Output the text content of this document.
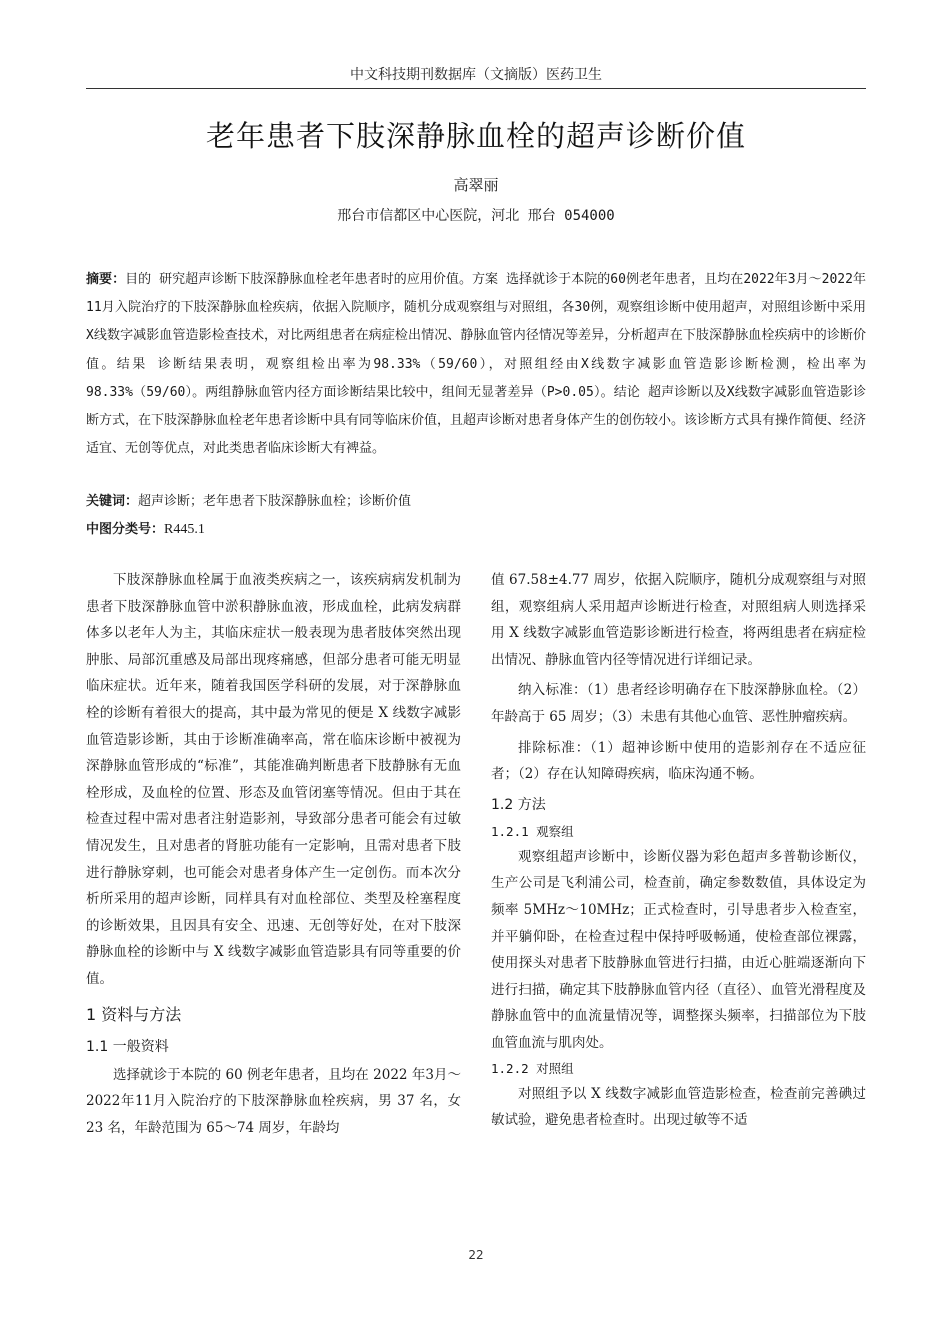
中文科技期刊数据库（文摘版）医药卫生
老年患者下肢深静脉血栓的超声诊断价值
高翠丽
邢台市信都区中心医院，河北 邢台 054000
摘要：目的 研究超声诊断下肢深静脉血栓老年患者时的应用价值。方案 选择就诊于本院的60例老年患者，且均在2022年3月～2022年11月入院治疗的下肢深静脉血栓疾病，依据入院顺序，随机分成观察组与对照组，各30例，观察组诊断中使用超声，对照组诊断中采用X线数字减影血管造影检查技术，对比两组患者在病症检出情况、静脉血管内径情况等差异，分析超声在下肢深静脉血栓疾病中的诊断价值。结果 诊断结果表明，观察组检出率为98.33%（59/60），对照组经由X线数字减影血管造影诊断检测，检出率为98.33%（59/60）。两组静脉血管内径方面诊断结果比较中，组间无显著差异（P>0.05）。结论 超声诊断以及X线数字减影血管造影诊断方式，在下肢深静脉血栓老年患者诊断中具有同等临床价值，且超声诊断对患者身体产生的创伤较小。该诊断方式具有操作简便、经济适宜、无创等优点，对此类患者临床诊断大有裨益。
关键词：超声诊断；老年患者下肢深静脉血栓；诊断价值
中图分类号：R445.1

下肢深静脉血栓属于血液类疾病之一，该疾病病发机制为患者下肢深静脉血管中淤积静脉血液，形成血栓，此病发病群体多以老年人为主，其临床症状一般表现为患者肢体突然出现肿胀、局部沉重感及局部出现疼痛感，但部分患者可能无明显临床症状。近年来，随着我国医学科研的发展，对于深静脉血栓的诊断有着很大的提高，其中最为常见的便是 X 线数字减影血管造影诊断，其由于诊断准确率高，常在临床诊断中被视为深静脉血管形成的“标准”，其能准确判断患者下肢静脉有无血栓形成，及血栓的位置、形态及血管闭塞等情况。但由于其在检查过程中需对患者注射造影剂，导致部分患者可能会有过敏情况发生，且对患者的肾脏功能有一定影响，且需对患者下肢进行静脉穿刺，也可能会对患者身体产生一定创伤。而本次分析所采用的超声诊断，同样具有对血栓部位、类型及栓塞程度的诊断效果，且因具有安全、迅速、无创等好处，在对下肢深静脉血栓的诊断中与 X 线数字减影血管造影具有同等重要的价值。

1 资料与方法
1.1 一般资料

选择就诊于本院的 60 例老年患者，且均在 2022 年3月～2022年11月入院治疗的下肢深静脉血栓疾病，男 37 名，女 23 名，年龄范围为 65～74 周岁，年龄均

值 67.58±4.77 周岁，依据入院顺序，随机分成观察组与对照组，观察组病人采用超声诊断进行检查，对照组病人则选择采用 X 线数字减影血管造影诊断进行检查，将两组患者在病症检出情况、静脉血管内径等情况进行详细记录。

纳入标准：（1）患者经诊明确存在下肢深静脉血栓。（2）年龄高于 65 周岁；（3）未患有其他心血管、恶性肿瘤疾病。

排除标准：（1）超神诊断中使用的造影剂存在不适应征者；（2）存在认知障碍疾病，临床沟通不畅。

1.2 方法
1.2.1 观察组

观察组超声诊断中，诊断仪器为彩色超声多普勒诊断仪，生产公司是飞利浦公司，检查前，确定参数数值，具体设定为频率 5MHz～10MHz；正式检查时，引导患者步入检查室，并平躺仰卧，在检查过程中保持呼吸畅通，使检查部位裸露，使用探头对患者下肢静脉血管进行扫描，由近心脏端逐渐向下进行扫描，确定其下肢静脉血管内径（直径）、血管光滑程度及静脉血管中的血流量情况等，调整探头频率，扫描部位为下肢血管血流与肌肉处。

1.2.2 对照组

对照组予以 X 线数字减影血管造影检查，检查前完善碘过敏试验，避免患者检查时。出现过敏等不适

22
